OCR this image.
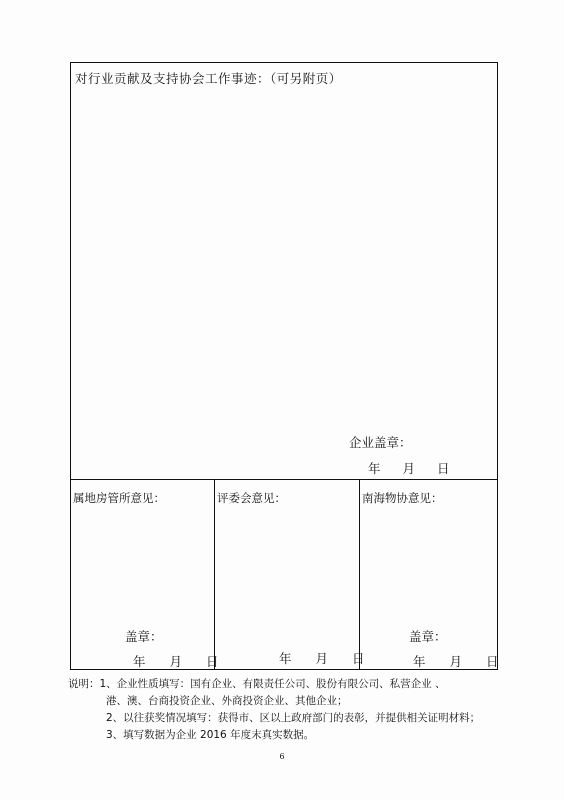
对行业贡献及支持协会工作事迹：（可另附页）
企业盖章：
年 月 日
属地房管所意见：
盖章：
年 月 日
评委会意见：
年 月 日
南海物协意见：
盖章：
年 月 日
说明：1、企业性质填写：国有企业、有限责任公司、股份有限公司、私营企业 、
港、澳、台商投资企业、外商投资企业、其他企业；
2、以往获奖情况填写：获得市、区以上政府部门的表彰，并提供相关证明材料；
3、填写数据为企业 2016 年度末真实数据。
6
